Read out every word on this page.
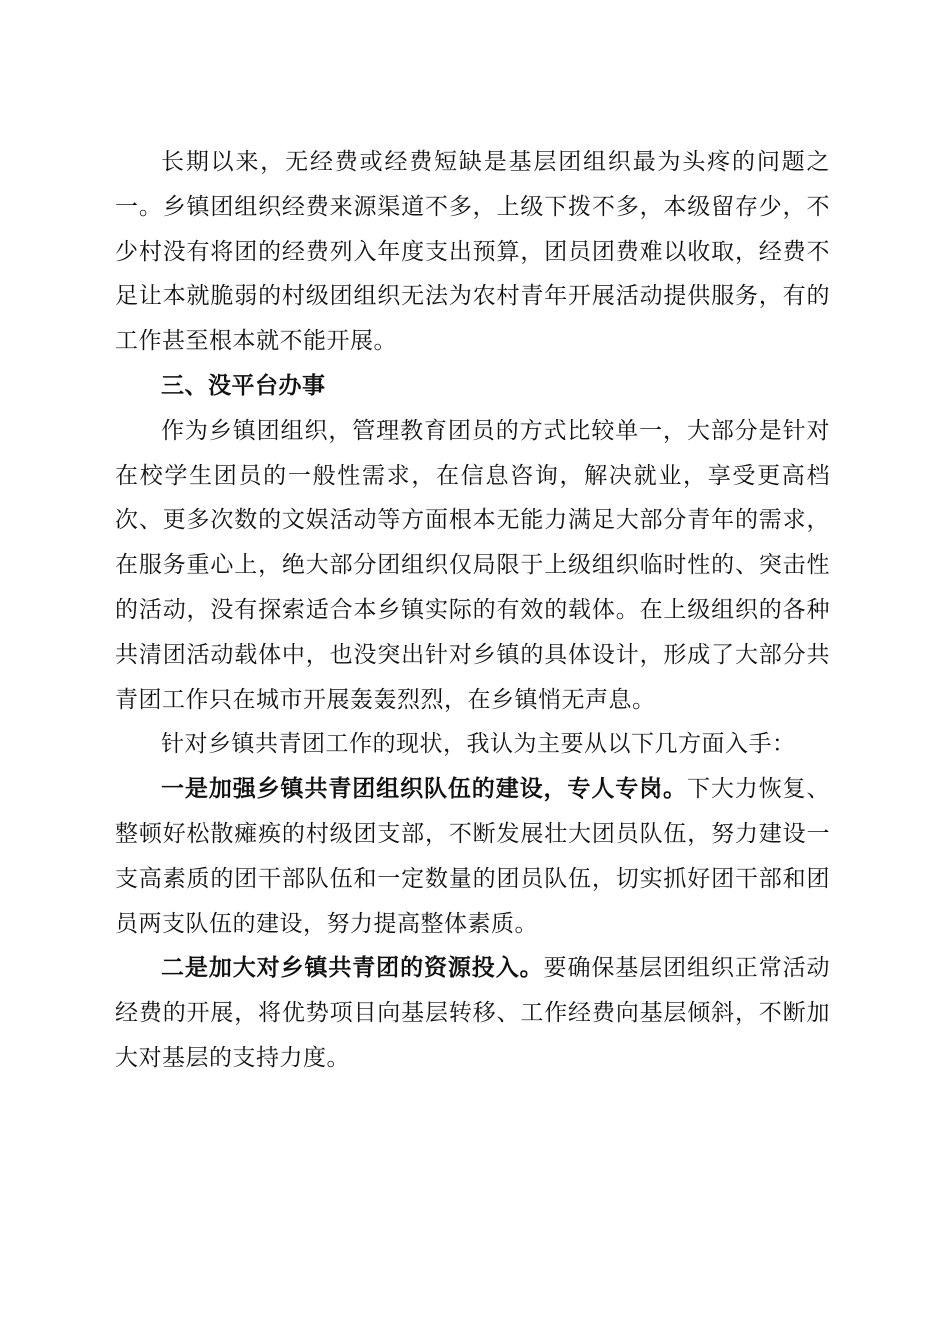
长期以来，无经费或经费短缺是基层团组织最为头疼的问题之一。乡镇团组织经费来源渠道不多，上级下拨不多，本级留存少，不少村没有将团的经费列入年度支出预算，团员团费难以收取，经费不足让本就脆弱的村级团组织无法为农村青年开展活动提供服务，有的工作甚至根本就不能开展。

三、没平台办事

作为乡镇团组织，管理教育团员的方式比较单一，大部分是针对在校学生团员的一般性需求，在信息咨询，解决就业，享受更高档次、更多次数的文娱活动等方面根本无能力满足大部分青年的需求，在服务重心上，绝大部分团组织仅局限于上级组织临时性的、突击性的活动，没有探索适合本乡镇实际的有效的载体。在上级组织的各种共清团活动载体中，也没突出针对乡镇的具体设计，形成了大部分共青团工作只在城市开展轰轰烈烈，在乡镇悄无声息。

针对乡镇共青团工作的现状，我认为主要从以下几方面入手：

一是加强乡镇共青团组织队伍的建设，专人专岗。下大力恢复、整顿好松散瘫痪的村级团支部，不断发展壮大团员队伍，努力建设一支高素质的团干部队伍和一定数量的团员队伍，切实抓好团干部和团员两支队伍的建设，努力提高整体素质。

二是加大对乡镇共青团的资源投入。要确保基层团组织正常活动经费的开展，将优势项目向基层转移、工作经费向基层倾斜，不断加大对基层的支持力度。
